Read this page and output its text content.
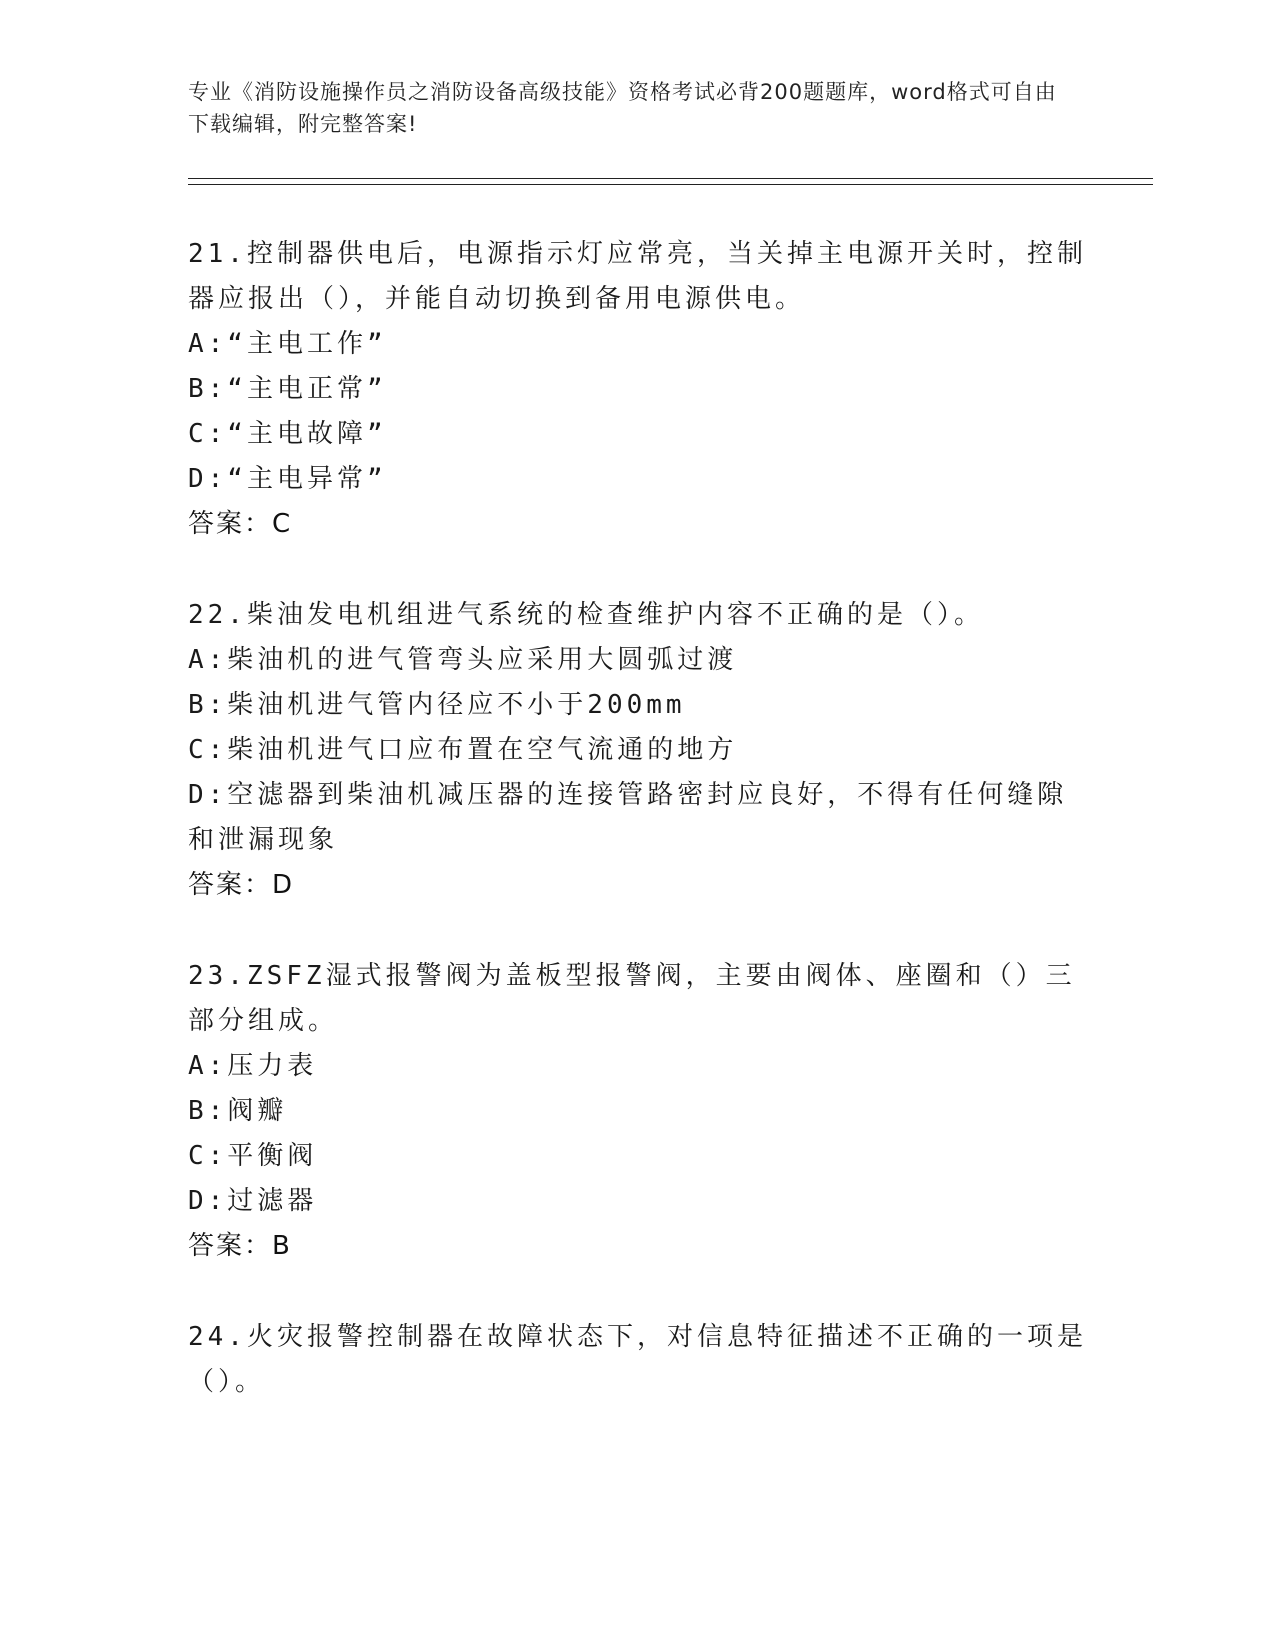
专业《消防设施操作员之消防设备高级技能》资格考试必背200题题库，word格式可自由下载编辑，附完整答案!
21.控制器供电后，电源指示灯应常亮，当关掉主电源开关时，控制器应报出（），并能自动切换到备用电源供电。
A:“主电工作”
B:“主电正常”
C:“主电故障”
D:“主电异常”
答案：C
22.柴油发电机组进气系统的检查维护内容不正确的是（）。
A:柴油机的进气管弯头应采用大圆弧过渡
B:柴油机进气管内径应不小于200mm
C:柴油机进气口应布置在空气流通的地方
D:空滤器到柴油机减压器的连接管路密封应良好，不得有任何缝隙和泄漏现象
答案：D
23.ZSFZ湿式报警阀为盖板型报警阀，主要由阀体、座圈和（）三部分组成。
A:压力表
B:阀瓣
C:平衡阀
D:过滤器
答案：B
24.火灾报警控制器在故障状态下，对信息特征描述不正确的一项是（）。
